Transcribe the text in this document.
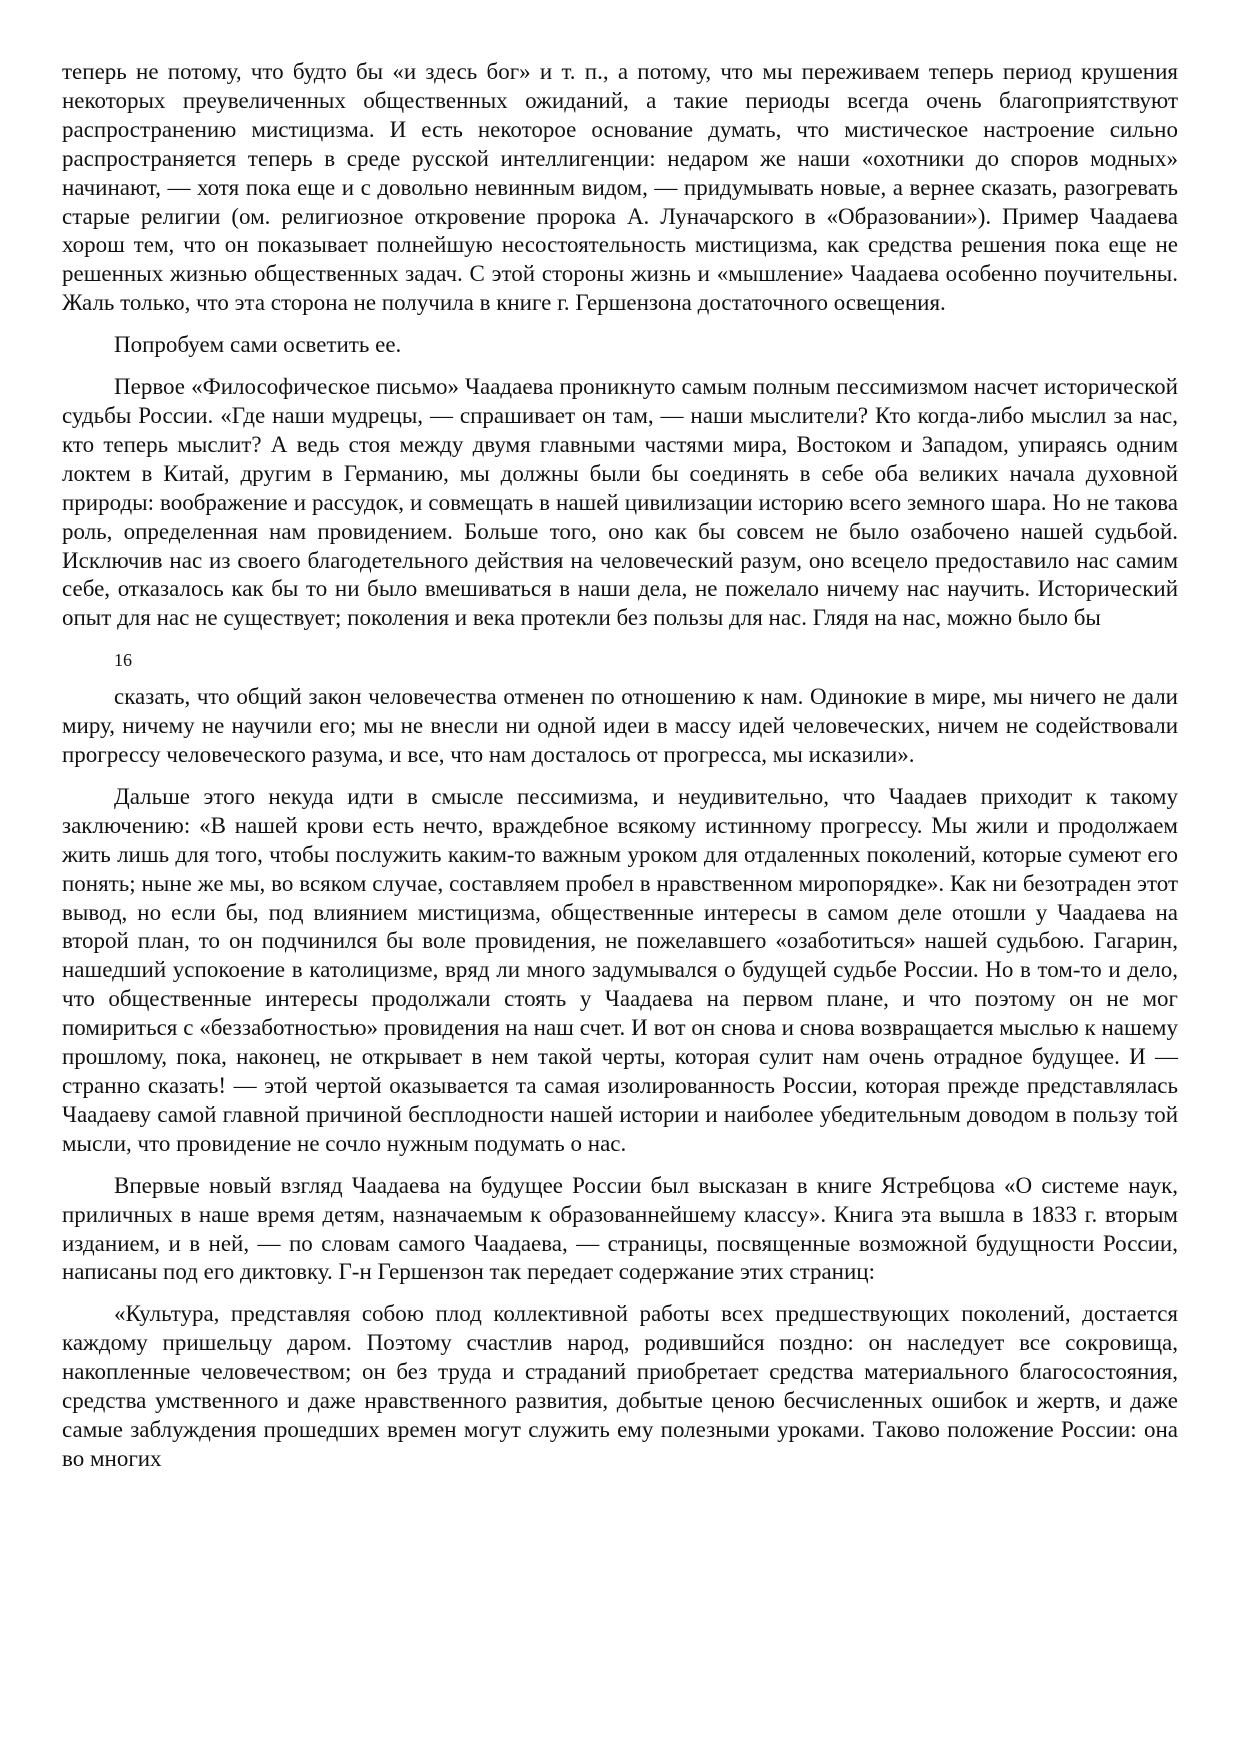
теперь не потому, что будто бы «и здесь бог» и т. п., а потому, что мы переживаем теперь период крушения некоторых преувеличенных общественных ожиданий, а такие периоды всегда очень благоприятствуют распространению мистицизма. И есть некоторое основание думать, что мистическое настроение сильно распространяется теперь в среде русской интеллигенции: недаром же наши «охотники до споров модных» начинают, — хотя пока еще и с довольно невинным видом, — придумывать новые, а вернее сказать, разогревать старые религии (ом. религиозное откровение пророка А. Луначарского в «Образовании»). Пример Чаадаева хорош тем, что он показывает полнейшую несостоятельность мистицизма, как средства решения пока еще не решенных жизнью общественных задач. С этой стороны жизнь и «мышление» Чаадаева особенно поучительны. Жаль только, что эта сторона не получила в книге г. Гершензона достаточного освещения.

Попробуем сами осветить ее.

Первое «Философическое письмо» Чаадаева проникнуто самым полным пессимизмом насчет исторической судьбы России. «Где наши мудрецы, — спрашивает он там, — наши мыслители? Кто когда-либо мыслил за нас, кто теперь мыслит? А ведь стоя между двумя главными частями мира, Востоком и Западом, упираясь одним локтем в Китай, другим в Германию, мы должны были бы соединять в себе оба великих начала духовной природы: воображение и рассудок, и совмещать в нашей цивилизации историю всего земного шара. Но не такова роль, определенная нам провидением. Больше того, оно как бы совсем не было озабочено нашей судьбой. Исключив нас из своего благодетельного действия на человеческий разум, оно всецело предоставило нас самим себе, отказалось как бы то ни было вмешиваться в наши дела, не пожелало ничему нас научить. Исторический опыт для нас не существует; поколения и века протекли без пользы для нас. Глядя на нас, можно было бы

16

сказать, что общий закон человечества отменен по отношению к нам. Одинокие в мире, мы ничего не дали миру, ничему не научили его; мы не внесли ни одной идеи в массу идей человеческих, ничем не содействовали прогрессу человеческого разума, и все, что нам досталось от прогресса, мы исказили».

Дальше этого некуда идти в смысле пессимизма, и неудивительно, что Чаадаев приходит к такому заключению: «В нашей крови есть нечто, враждебное всякому истинному прогрессу. Мы жили и продолжаем жить лишь для того, чтобы послужить каким-то важным уроком для отдаленных поколений, которые сумеют его понять; ныне же мы, во всяком случае, составляем пробел в нравственном миропорядке». Как ни безотраден этот вывод, но если бы, под влиянием мистицизма, общественные интересы в самом деле отошли у Чаадаева на второй план, то он подчинился бы воле провидения, не пожелавшего «озаботиться» нашей судьбою. Гагарин, нашедший успокоение в католицизме, вряд ли много задумывался о будущей судьбе России. Но в том-то и дело, что общественные интересы продолжали стоять у Чаадаева на первом плане, и что поэтому он не мог помириться с «беззаботностью» провидения на наш счет. И вот он снова и снова возвращается мыслью к нашему прошлому, пока, наконец, не открывает в нем такой черты, которая сулит нам очень отрадное будущее. И — странно сказать! — этой чертой оказывается та самая изолированность России, которая прежде представлялась Чаадаеву самой главной причиной бесплодности нашей истории и наиболее убедительным доводом в пользу той мысли, что провидение не сочло нужным подумать о нас.

Впервые новый взгляд Чаадаева на будущее России был высказан в книге Ястребцова «О системе наук, приличных в наше время детям, назначаемым к образованнейшему классу». Книга эта вышла в 1833 г. вторым изданием, и в ней, — по словам самого Чаадаева, — страницы, посвященные возможной будущности России, написаны под его диктовку. Г-н Гершензон так передает содержание этих страниц:

«Культура, представляя собою плод коллективной работы всех предшествующих поколений, достается каждому пришельцу даром. Поэтому счастлив народ, родившийся поздно: он наследует все сокровища, накопленные человечеством; он без труда и страданий приобретает средства материального благосостояния, средства умственного и даже нравственного развития, добытые ценою бесчисленных ошибок и жертв, и даже самые заблуждения прошедших времен могут служить ему полезными уроками. Таково положение России: она во многих
